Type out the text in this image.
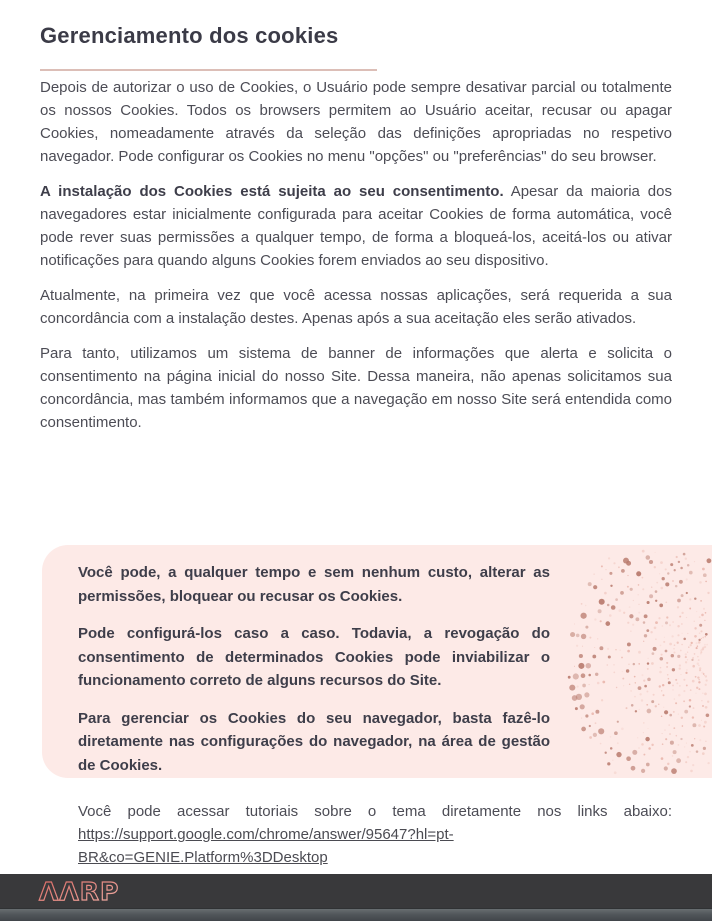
Gerenciamento dos cookies

Depois de autorizar o uso de Cookies, o Usuário pode sempre desativar parcial ou totalmente os nossos Cookies. Todos os browsers permitem ao Usuário aceitar, recusar ou apagar Cookies, nomeadamente através da seleção das definições apropriadas no respetivo navegador. Pode configurar os Cookies no menu "opções" ou "preferências" do seu browser.

A instalação dos Cookies está sujeita ao seu consentimento. Apesar da maioria dos navegadores estar inicialmente configurada para aceitar Cookies de forma automática, você pode rever suas permissões a qualquer tempo, de forma a bloqueá-los, aceitá-los ou ativar notificações para quando alguns Cookies forem enviados ao seu dispositivo.

Atualmente, na primeira vez que você acessa nossas aplicações, será requerida a sua concordância com a instalação destes. Apenas após a sua aceitação eles serão ativados.

Para tanto, utilizamos um sistema de banner de informações que alerta e solicita o consentimento na página inicial do nosso Site. Dessa maneira, não apenas solicitamos sua concordância, mas também informamos que a navegação em nosso Site será entendida como consentimento.

Você pode, a qualquer tempo e sem nenhum custo, alterar as permissões, bloquear ou recusar os Cookies.

Pode configurá-los caso a caso. Todavia, a revogação do consentimento de determinados Cookies pode inviabilizar o funcionamento correto de alguns recursos do Site.

Para gerenciar os Cookies do seu navegador, basta fazê-lo diretamente nas configurações do navegador, na área de gestão de Cookies.

Você pode acessar tutoriais sobre o tema diretamente nos links abaixo: https://support.google.com/chrome/answer/95647?hl=pt-
BR&co=GENIE.Platform%3DDesktop

ΛΛRP
